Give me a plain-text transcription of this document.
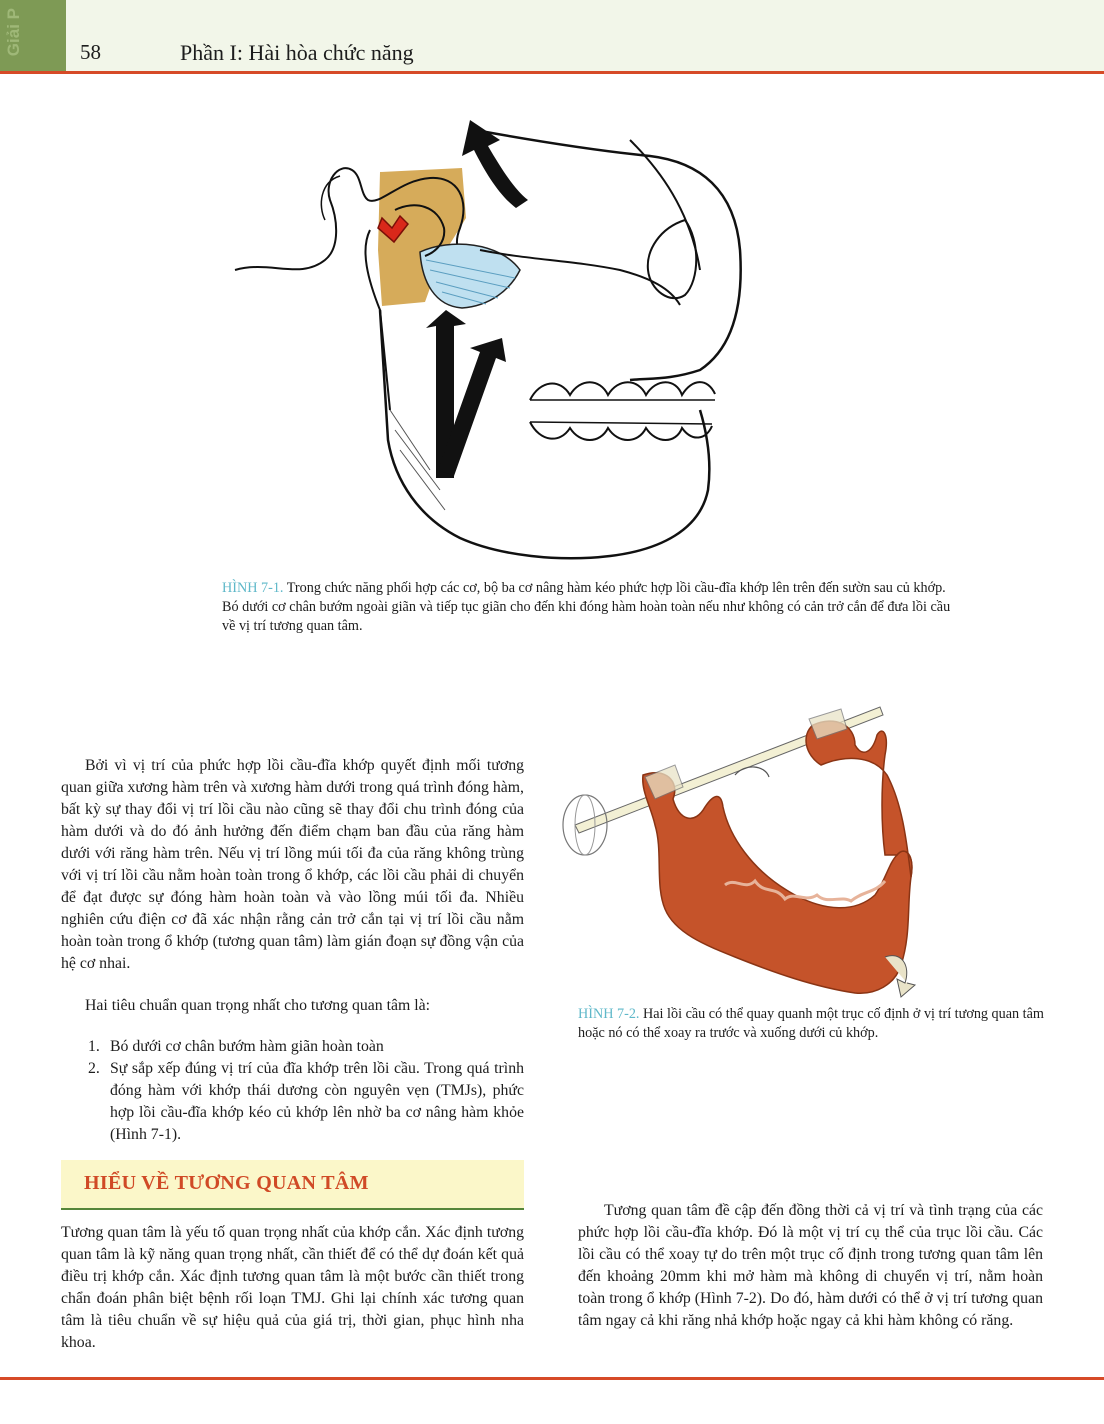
Giải P	58	Phần I: Hài hòa chức năng
HÌNH 7-1. Trong chức năng phối hợp các cơ, bộ ba cơ nâng hàm kéo phức hợp lồi cầu-đĩa khớp lên trên đến sườn sau củ khớp. Bó dưới cơ chân bướm ngoài giãn và tiếp tục giãn cho đến khi đóng hàm hoàn toàn nếu như không có cản trở cắn để đưa lồi cầu về vị trí tương quan tâm.
HÌNH 7-2. Hai lồi cầu có thể quay quanh một trục cố định ở vị trí tương quan tâm hoặc nó có thể xoay ra trước và xuống dưới củ khớp.
Bởi vì vị trí của phức hợp lồi cầu-đĩa khớp quyết định mối tương quan giữa xương hàm trên và xương hàm dưới trong quá trình đóng hàm, bất kỳ sự thay đổi vị trí lồi cầu nào cũng sẽ thay đổi chu trình đóng của hàm dưới và do đó ảnh hưởng đến điểm chạm ban đầu của răng hàm dưới với răng hàm trên. Nếu vị trí lồng múi tối đa của răng không trùng với vị trí lồi cầu nằm hoàn toàn trong ổ khớp, các lồi cầu phải di chuyển để đạt được sự đóng hàm hoàn toàn và vào lồng múi tối đa. Nhiều nghiên cứu điện cơ đã xác nhận rằng cản trở cắn tại vị trí lồi cầu nằm hoàn toàn trong ổ khớp (tương quan tâm) làm gián đoạn sự đồng vận của hệ cơ nhai.
Hai tiêu chuẩn quan trọng nhất cho tương quan tâm là:
1. Bó dưới cơ chân bướm hàm giãn hoàn toàn
2. Sự sắp xếp đúng vị trí của đĩa khớp trên lồi cầu. Trong quá trình đóng hàm với khớp thái dương còn nguyên vẹn (TMJs), phức hợp lồi cầu-đĩa khớp kéo củ khớp lên nhờ ba cơ nâng hàm khỏe (Hình 7-1).
HIỂU VỀ TƯƠNG QUAN TÂM
Tương quan tâm là yếu tố quan trọng nhất của khớp cắn. Xác định tương quan tâm là kỹ năng quan trọng nhất, cần thiết để có thể dự đoán kết quả điều trị khớp cắn. Xác định tương quan tâm là một bước cần thiết trong chẩn đoán phân biệt bệnh rối loạn TMJ. Ghi lại chính xác tương quan tâm là tiêu chuẩn về sự hiệu quả của giá trị, thời gian, phục hình nha khoa.
Tương quan tâm đề cập đến đồng thời cả vị trí và tình trạng của các phức hợp lồi cầu-đĩa khớp. Đó là một vị trí cụ thể của trục lồi cầu. Các lồi cầu có thể xoay tự do trên một trục cố định trong tương quan tâm lên đến khoảng 20mm khi mở hàm mà không di chuyển vị trí, nằm hoàn toàn trong ổ khớp (Hình 7-2). Do đó, hàm dưới có thể ở vị trí tương quan tâm ngay cả khi răng nhả khớp hoặc ngay cả khi hàm không có răng.
